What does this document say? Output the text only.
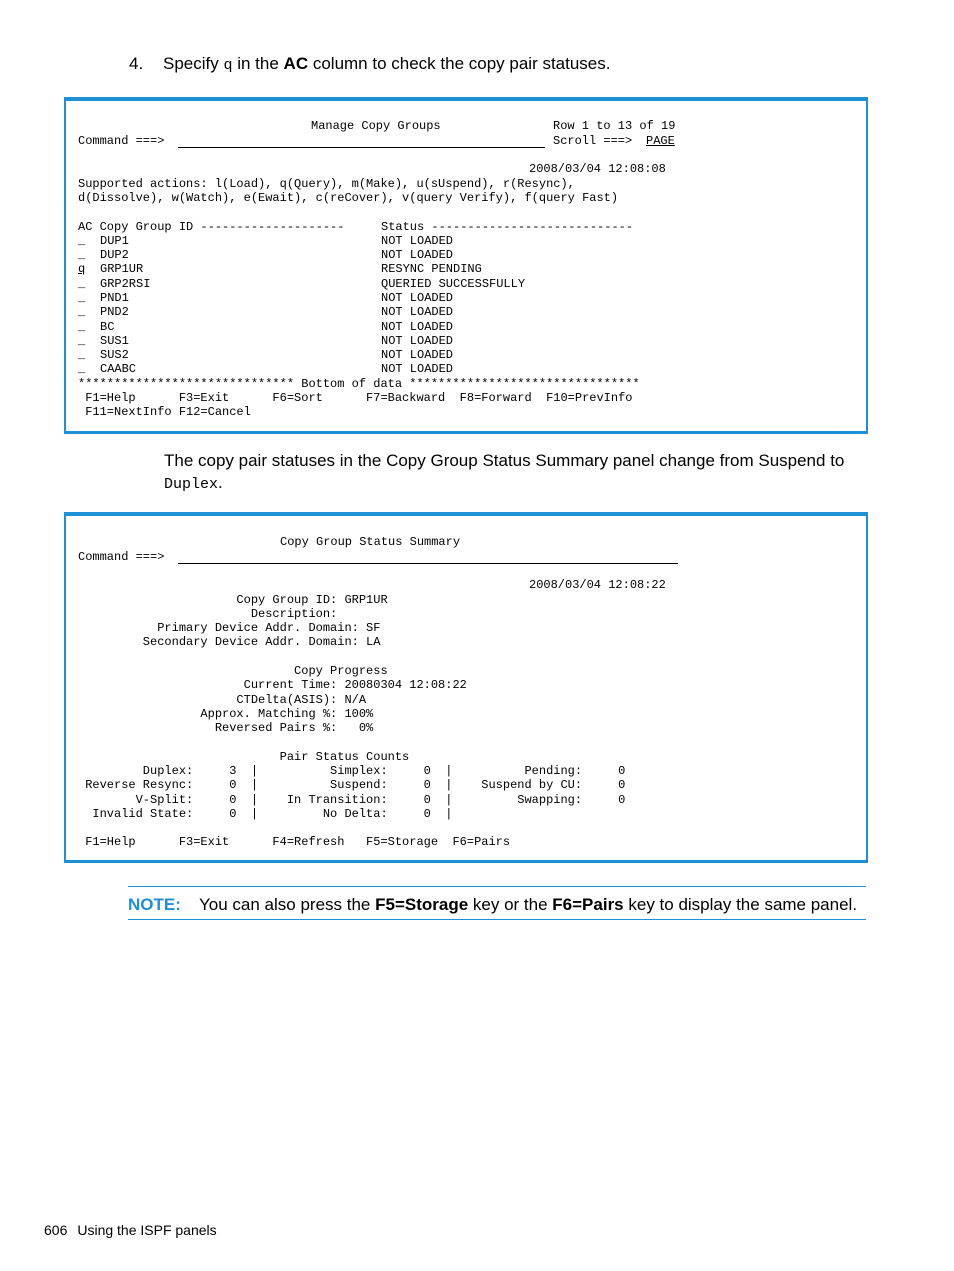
4. Specify q in the AC column to check the copy pair statuses.
Manage Copy Groups	Row 1 to 13 of 19
Command ===>	Scroll ===> PAGE
2008/03/04 12:08:08
Supported actions: l(Load), q(Query), m(Make), u(sUspend), r(Resync),
d(Dissolve), w(Watch), e(Ewait), c(reCover), v(query Verify), f(query Fast)
AC Copy Group ID --------------------	Status ----------------------------
_ DUP1	NOT LOADED
_ DUP2	NOT LOADED
q GRP1UR	RESYNC PENDING
_ GRP2RSI	QUERIED SUCCESSFULLY
_ PND1	NOT LOADED
_ PND2	NOT LOADED
_ BC	NOT LOADED
_ SUS1	NOT LOADED
_ SUS2	NOT LOADED
_ CAABC	NOT LOADED
****************************** Bottom of data ********************************
F1=Help      F3=Exit      F6=Sort      F7=Backward  F8=Forward  F10=PrevInfo
F11=NextInfo F12=Cancel
The copy pair statuses in the Copy Group Status Summary panel change from Suspend to Duplex.
Copy Group Status Summary
Command ===>
2008/03/04 12:08:22
Copy Group ID: GRP1UR
Description:
Primary Device Addr. Domain: SF
Secondary Device Addr. Domain: LA
Copy Progress
Current Time: 20080304 12:08:22
CTDelta(ASIS): N/A
Approx. Matching %: 100%
Reversed Pairs %:   0%
Pair Status Counts
Duplex:     3  |          Simplex:     0  |          Pending:     0
Reverse Resync:     0  |          Suspend:     0  |    Suspend by CU:     0
V-Split:     0  |    In Transition:     0  |         Swapping:     0
Invalid State:     0  |         No Delta:     0  |
F1=Help      F3=Exit      F4=Refresh   F5=Storage  F6=Pairs
NOTE: You can also press the F5=Storage key or the F6=Pairs key to display the same panel.
606 Using the ISPF panels
